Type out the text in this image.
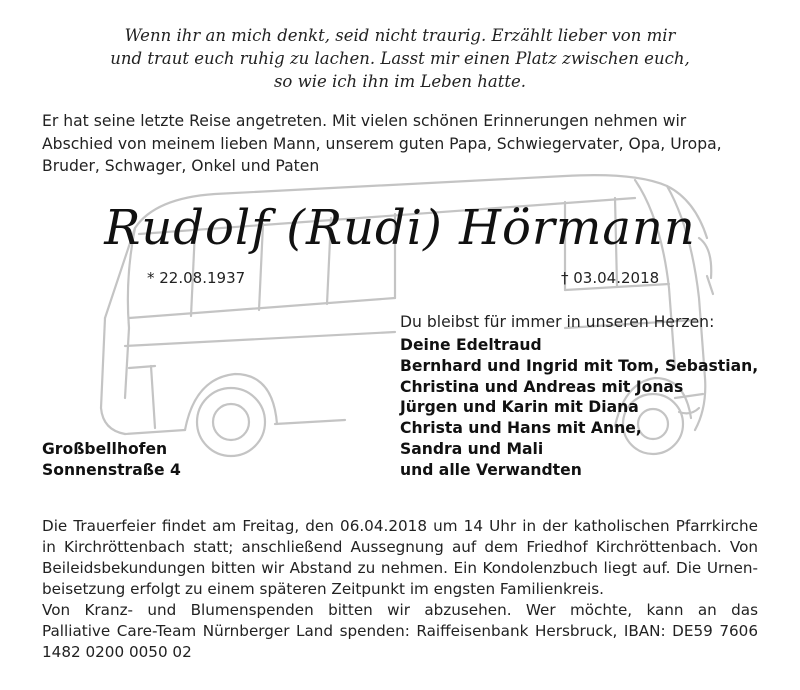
Wenn ihr an mich denkt, seid nicht traurig. Erzählt lieber von mir
und traut euch ruhig zu lachen. Lasst mir einen Platz zwischen euch,
so wie ich ihn im Leben hatte.
Er hat seine letzte Reise angetreten. Mit vielen schönen Erinnerungen nehmen wir
Abschied von meinem lieben Mann, unserem guten Papa, Schwiegervater, Opa, Uropa,
Bruder, Schwager, Onkel und Paten
Rudolf (Rudi) Hörmann
* 22.08.1937	† 03.04.2018
Du bleibst für immer in unseren Herzen:
Deine Edeltraud
Bernhard und Ingrid mit Tom, Sebastian,
Christina und Andreas mit Jonas
Jürgen und Karin mit Diana
Christa und Hans mit Anne,
Sandra und Mali
und alle Verwandten
Großbellhofen
Sonnenstraße 4
Die Trauerfeier findet am Freitag, den 06.04.2018 um 14 Uhr in der katholischen Pfarrkirche
in Kirchröttenbach statt; anschließend Aussegnung auf dem Friedhof Kirchröttenbach. Von
Beileidsbekundungen bitten wir Abstand zu nehmen. Ein Kondolenzbuch liegt auf. Die Urnen-
beisetzung erfolgt zu einem späteren Zeitpunkt im engsten Familienkreis.
Von Kranz- und Blumenspenden bitten wir abzusehen. Wer möchte, kann an das
Palliative Care-Team Nürnberger Land spenden: Raiffeisenbank Hersbruck, IBAN: DE59 7606
1482 0200 0050 02
